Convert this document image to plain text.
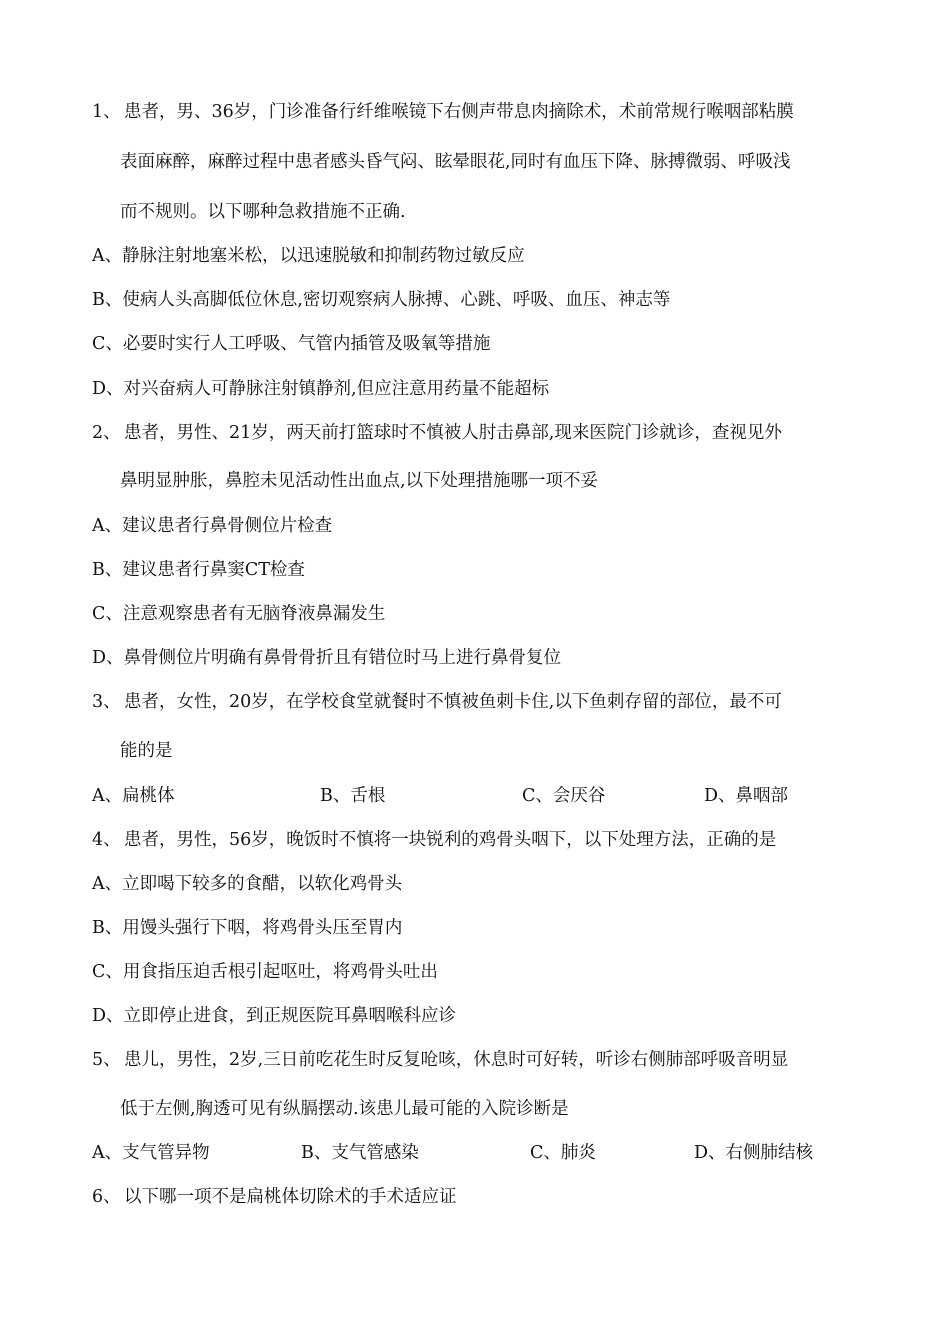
1、 患者，男、36岁，门诊准备行纤维喉镜下右侧声带息肉摘除术，术前常规行喉咽部粘膜
表面麻醉，麻醉过程中患者感头昏气闷、眩晕眼花,同时有血压下降、脉搏微弱、呼吸浅
而不规则。以下哪种急救措施不正确.
A、静脉注射地塞米松，以迅速脱敏和抑制药物过敏反应
B、使病人头高脚低位休息,密切观察病人脉搏、心跳、呼吸、血压、神志等
C、必要时实行人工呼吸、气管内插管及吸氧等措施
D、对兴奋病人可静脉注射镇静剂,但应注意用药量不能超标
2、 患者，男性、21岁，两天前打篮球时不慎被人肘击鼻部,现来医院门诊就诊，查视见外
鼻明显肿胀，鼻腔未见活动性出血点,以下处理措施哪一项不妥
A、建议患者行鼻骨侧位片检查
B、建议患者行鼻窦CT检查
C、注意观察患者有无脑脊液鼻漏发生
D、鼻骨侧位片明确有鼻骨骨折且有错位时马上进行鼻骨复位
3、 患者，女性，20岁，在学校食堂就餐时不慎被鱼刺卡住,以下鱼刺存留的部位，最不可
能的是
A、扁桃体	B、舌根	C、会厌谷	D、鼻咽部
4、 患者，男性，56岁，晚饭时不慎将一块锐利的鸡骨头咽下，以下处理方法，正确的是
A、立即喝下较多的食醋，以软化鸡骨头
B、用馒头强行下咽，将鸡骨头压至胃内
C、用食指压迫舌根引起呕吐，将鸡骨头吐出
D、立即停止进食，到正规医院耳鼻咽喉科应诊
5、 患儿，男性，2岁,三日前吃花生时反复呛咳，休息时可好转，听诊右侧肺部呼吸音明显
低于左侧,胸透可见有纵膈摆动.该患儿最可能的入院诊断是
A、支气管异物	B、支气管感染	C、肺炎	D、右侧肺结核
6、 以下哪一项不是扁桃体切除术的手术适应证
